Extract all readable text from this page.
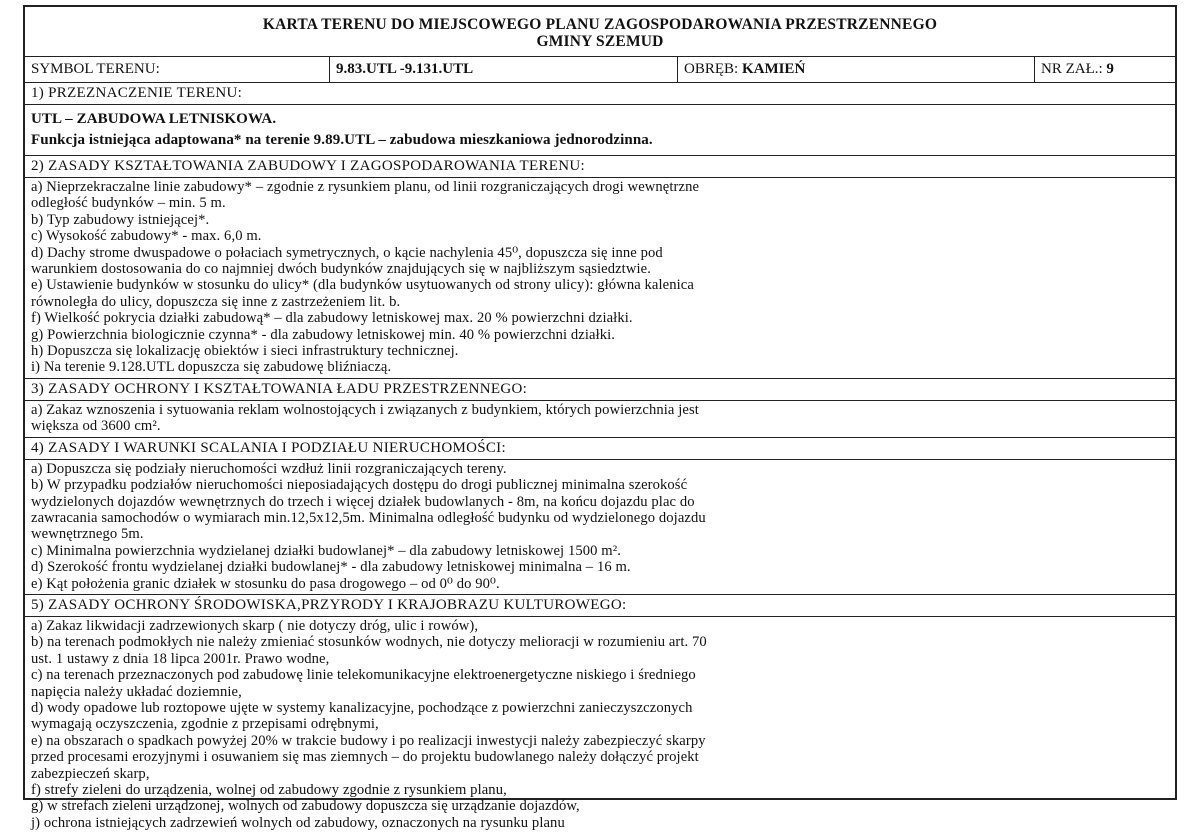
KARTA TERENU DO MIEJSCOWEGO PLANU ZAGOSPODAROWANIA PRZESTRZENNEGO
GMINY SZEMUD
SYMBOL TERENU:	9.83.UTL -9.131.UTL	OBRĘB: KAMIEŃ	NR ZAŁ.: 9
1) PRZEZNACZENIE TERENU:
UTL – ZABUDOWA LETNISKOWA.
Funkcja istniejąca adaptowana* na terenie 9.89.UTL – zabudowa mieszkaniowa jednorodzinna.
2) ZASADY KSZTAŁTOWANIA ZABUDOWY I ZAGOSPODAROWANIA TERENU:
a) Nieprzekraczalne linie zabudowy* – zgodnie z rysunkiem planu, od linii rozgraniczających drogi wewnętrzne
odległość budynków – min. 5 m.
b) Typ zabudowy istniejącej*.
c) Wysokość zabudowy* - max. 6,0 m.
d) Dachy strome dwuspadowe o połaciach symetrycznych, o kącie nachylenia 45⁰, dopuszcza się inne pod
warunkiem dostosowania do co najmniej dwóch budynków znajdujących się w najbliższym sąsiedztwie.
e) Ustawienie budynków w stosunku do ulicy* (dla budynków usytuowanych od strony ulicy): główna kalenica
równoległa do ulicy, dopuszcza się inne z zastrzeżeniem lit. b.
f) Wielkość pokrycia działki zabudową* – dla zabudowy letniskowej max. 20 % powierzchni działki.
g) Powierzchnia biologicznie czynna* - dla zabudowy letniskowej min. 40 % powierzchni działki.
h) Dopuszcza się lokalizację obiektów i sieci infrastruktury technicznej.
i) Na terenie 9.128.UTL dopuszcza się zabudowę bliźniaczą.
3) ZASADY OCHRONY I KSZTAŁTOWANIA ŁADU PRZESTRZENNEGO:
a) Zakaz wznoszenia i sytuowania reklam wolnostojących i związanych z budynkiem, których powierzchnia jest
większa od 3600 cm².
4) ZASADY I WARUNKI SCALANIA I PODZIAŁU NIERUCHOMOŚCI:
a) Dopuszcza się podziały nieruchomości wzdłuż linii rozgraniczających tereny.
b) W przypadku podziałów nieruchomości nieposiadających dostępu do drogi publicznej minimalna szerokość
wydzielonych dojazdów wewnętrznych do trzech i więcej działek budowlanych - 8m, na końcu dojazdu plac do
zawracania samochodów o wymiarach min.12,5x12,5m. Minimalna odległość budynku od wydzielonego dojazdu
wewnętrznego 5m.
c) Minimalna powierzchnia wydzielanej działki budowlanej* – dla zabudowy letniskowej 1500 m².
d) Szerokość frontu wydzielanej działki budowlanej* - dla zabudowy letniskowej minimalna – 16 m.
e) Kąt położenia granic działek w stosunku do pasa drogowego – od 0⁰ do 90⁰.
5) ZASADY OCHRONY ŚRODOWISKA,PRZYRODY I KRAJOBRAZU KULTUROWEGO:
a) Zakaz likwidacji zadrzewionych skarp ( nie dotyczy dróg, ulic i rowów),
b) na terenach podmokłych nie należy zmieniać stosunków wodnych, nie dotyczy melioracji w rozumieniu art. 70
ust. 1 ustawy z dnia 18 lipca 2001r. Prawo wodne,
c) na terenach przeznaczonych pod zabudowę linie telekomunikacyjne elektroenergetyczne niskiego i średniego
napięcia należy układać doziemnie,
d) wody opadowe lub roztopowe ujęte w systemy kanalizacyjne, pochodzące z powierzchni zanieczyszczonych
wymagają oczyszczenia, zgodnie z przepisami odrębnymi,
e) na obszarach o spadkach powyżej 20% w trakcie budowy i po realizacji inwestycji należy zabezpieczyć skarpy
przed procesami erozyjnymi i osuwaniem się mas ziemnych – do projektu budowlanego należy dołączyć projekt
zabezpieczeń skarp,
f) strefy zieleni do urządzenia, wolnej od zabudowy zgodnie z rysunkiem planu,
g) w strefach zieleni urządzonej, wolnych od zabudowy dopuszcza się urządzanie dojazdów,
j) ochrona istniejących zadrzewień wolnych od zabudowy, oznaczonych na rysunku planu
